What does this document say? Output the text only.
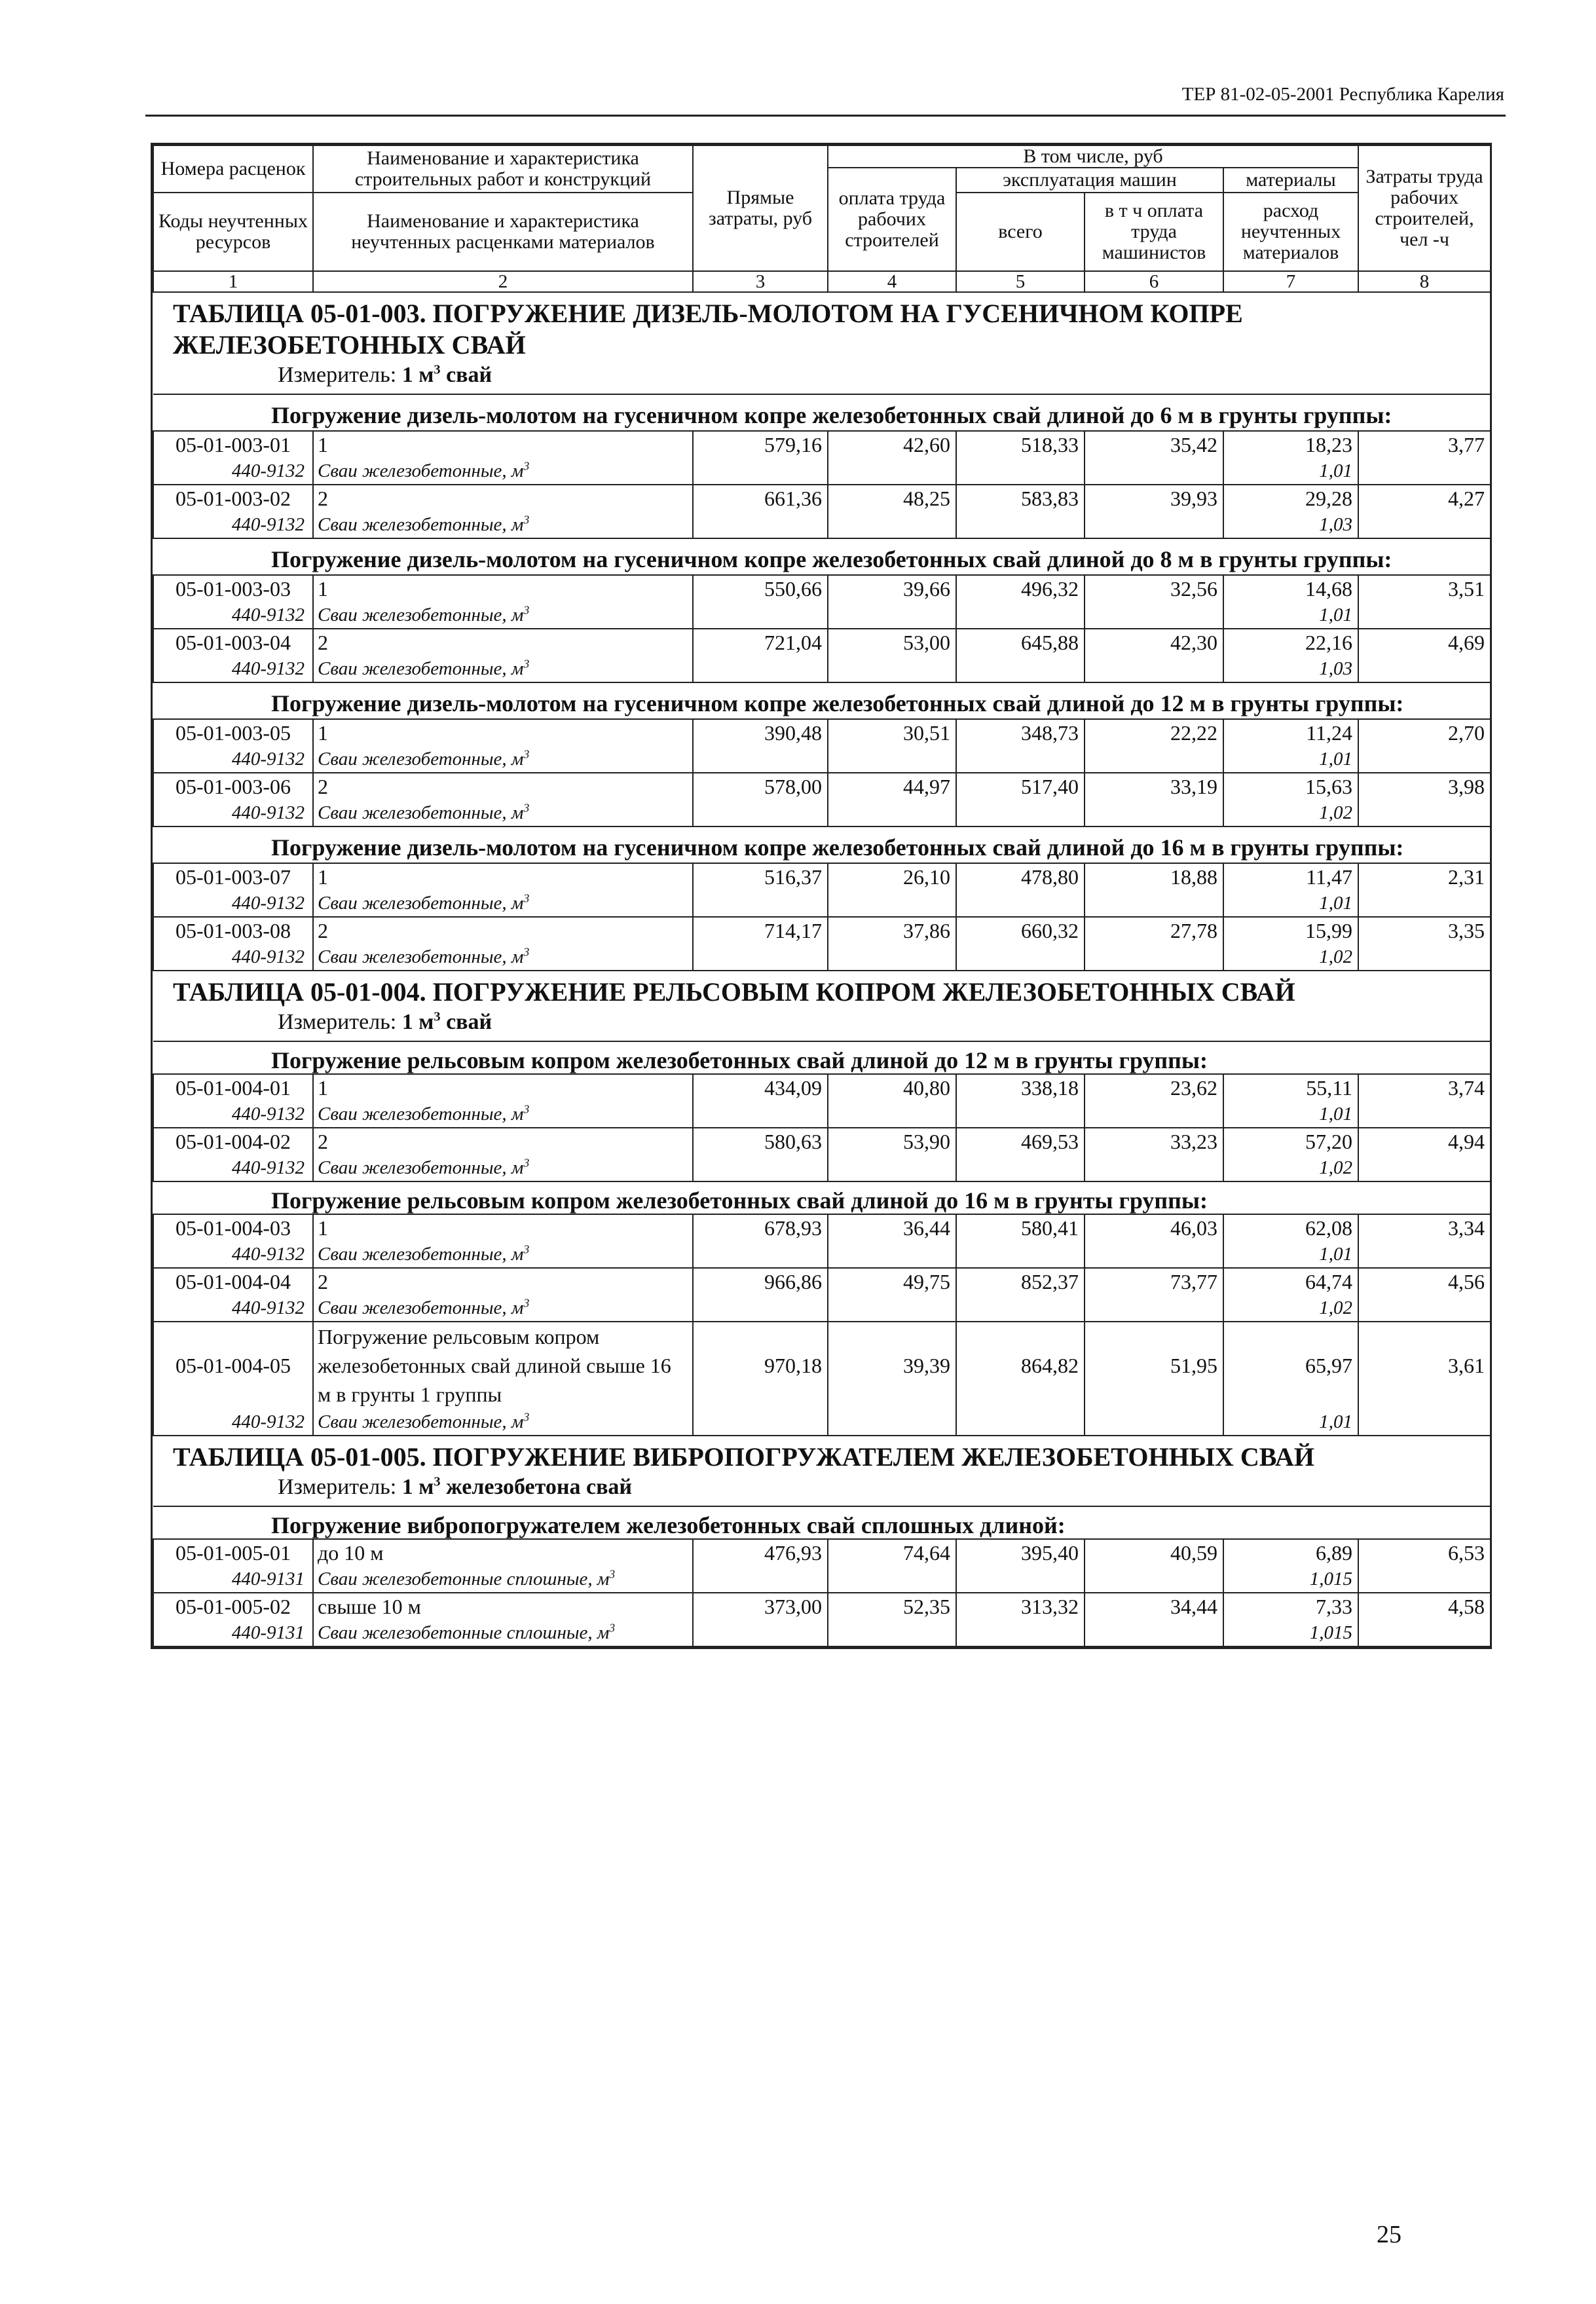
ТЕР 81-02-05-2001 Республика Карелия
Номера расценок	Наименование и характеристика строительных работ и конструкций	Прямые затраты, руб	В том числе, руб				Затраты труда рабочих строителей, чел -ч
			оплата труда рабочих строителей	эксплуатация машин		материалы	
Коды неучтенных ресурсов	Наименование и характеристика неучтенных расценками материалов			всего	в т ч оплата труда машинистов	расход неучтенных материалов	

1	2	3	4	5	6	7	8

ТАБЛИЦА 05-01-003. ПОГРУЖЕНИЕ ДИЗЕЛЬ-МОЛОТОМ НА ГУСЕНИЧНОМ КОПРЕ ЖЕЛЕЗОБЕТОННЫХ СВАЙ
Измеритель: 1 $м^3$ свай							

Погружение дизель-молотом на гусеничном копре железобетонных свай длиной до 6 м в грунты группы:							
05-01-003-01	1	579,16	42,60	518,33	35,42	18,23	3,77
440-9132	Сваи железобетонные, $м^3$					1,01	
05-01-003-02	2	661,36	48,25	583,83	39,93	29,28	4,27
440-9132	Сваи железобетонные, $м^3$					1,03	
Погружение дизель-молотом на гусеничном копре железобетонных свай длиной до 8 м в грунты группы:							
05-01-003-03	1	550,66	39,66	496,32	32,56	14,68	3,51
440-9132	Сваи железобетонные, $м^3$					1,01	
05-01-003-04	2	721,04	53,00	645,88	42,30	22,16	4,69
440-9132	Сваи железобетонные, $м^3$					1,03	
Погружение дизель-молотом на гусеничном копре железобетонных свай длиной до 12 м в грунты группы:							
05-01-003-05	1	390,48	30,51	348,73	22,22	11,24	2,70
440-9132	Сваи железобетонные, $м^3$					1,01	
05-01-003-06	2	578,00	44,97	517,40	33,19	15,63	3,98
440-9132	Сваи железобетонные, $м^3$					1,02	
Погружение дизель-молотом на гусеничном копре железобетонных свай длиной до 16 м в грунты группы:							
05-01-003-07	1	516,37	26,10	478,80	18,88	11,47	2,31
440-9132	Сваи железобетонные, $м^3$					1,01	
05-01-003-08	2	714,17	37,86	660,32	27,78	15,99	3,35
440-9132	Сваи железобетонные, $м^3$					1,02	

ТАБЛИЦА 05-01-004. ПОГРУЖЕНИЕ РЕЛЬСОВЫМ КОПРОМ ЖЕЛЕЗОБЕТОННЫХ СВАЙ
Измеритель: 1 $м^3$ свай							

Погружение рельсовым копром железобетонных свай длиной до 12 м в грунты группы:							
05-01-004-01	1	434,09	40,80	338,18	23,62	55,11	3,74
440-9132	Сваи железобетонные, $м^3$					1,01	
05-01-004-02	2	580,63	53,90	469,53	33,23	57,20	4,94
440-9132	Сваи железобетонные, $м^3$					1,02	
Погружение рельсовым копром железобетонных свай длиной до 16 м в грунты группы:							
05-01-004-03	1	678,93	36,44	580,41	46,03	62,08	3,34
440-9132	Сваи железобетонные, $м^3$					1,01	
05-01-004-04	2	966,86	49,75	852,37	73,77	64,74	4,56
440-9132	Сваи железобетонные, $м^3$					1,02	
05-01-004-05	Погружение рельсовым копром железобетонных свай длиной свыше 16 м в грунты 1 группы	970,18	39,39	864,82	51,95	65,97	3,61
440-9132	Сваи железобетонные, $м^3$					1,01	

ТАБЛИЦА 05-01-005. ПОГРУЖЕНИЕ ВИБРОПОГРУЖАТЕЛЕМ ЖЕЛЕЗОБЕТОННЫХ СВАЙ
Измеритель: 1 $м^3$ железобетона свай							

Погружение вибропогружателем железобетонных свай сплошных длиной:							
05-01-005-01	до 10 м	476,93	74,64	395,40	40,59	6,89	6,53
440-9131	Сваи железобетонные сплошные, $м^3$					1,015	
05-01-005-02	свыше 10 м	373,00	52,35	313,32	34,44	7,33	4,58
440-9131	Сваи железобетонные сплошные, $м^3$					1,015	
25
